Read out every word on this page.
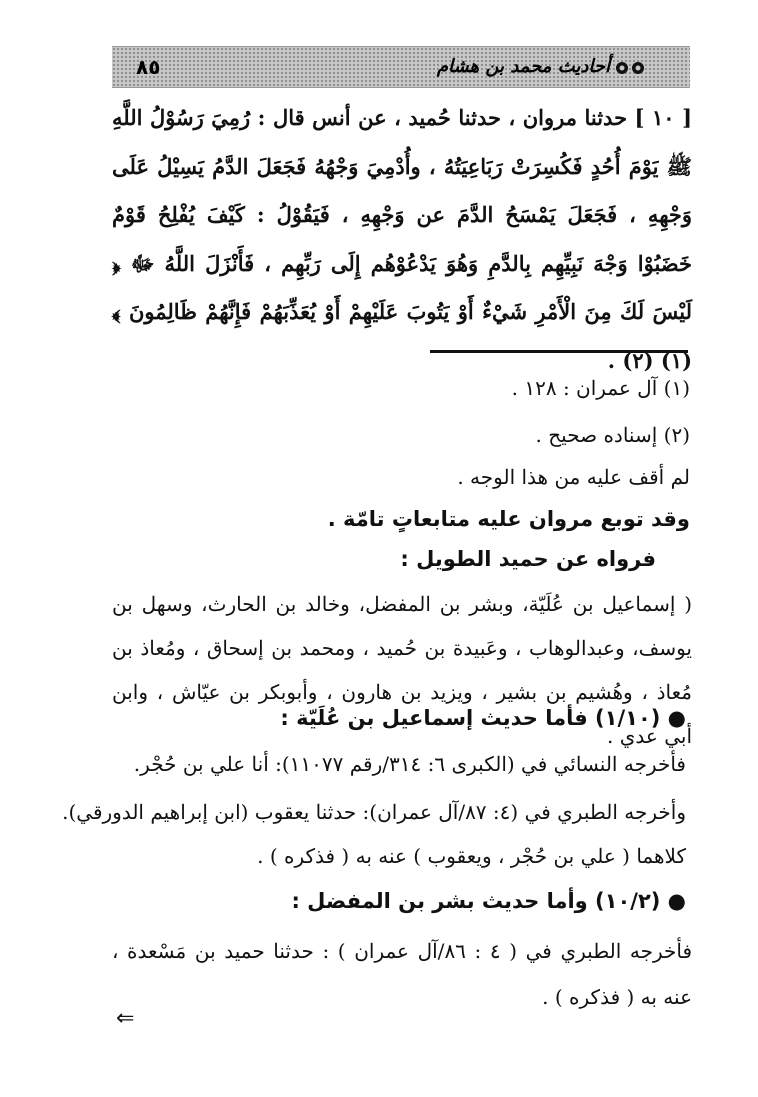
٨٥	أحاديث محمد بن هشام
[ ١٠ ] حدثنا مروان ، حدثنا حُميد ، عن أنس قال : رُمِيَ رَسُوْلُ اللَّهِ ﷺ يَوْمَ أُحُدٍ فَكُسِرَتْ رَبَاعِيَتُهُ ، وأُدْمِيَ وَجْهُهُ فَجَعَلَ الدَّمُ يَسِيْلُ عَلَى وَجْهِهِ ، فَجَعَلَ يَمْسَحُ الدَّمَ عن وَجْهِهِ ، فَيَقُوْلُ : كَيْفَ يُفْلِحُ قَوْمٌ خَضَبُوْا وَجْهَ نَبِيِّهِم بِالدَّمِ وَهُوَ يَدْعُوْهُم إِلَى رَبِّهِم ، فَأَنْزَلَ اللَّهُ ﷻ ﴿ لَيْسَ لَكَ مِنَ الْأَمْرِ شَيْءٌ أَوْ يَتُوبَ عَلَيْهِمْ أَوْ يُعَذِّبَهُمْ فَإِنَّهُمْ ظَالِمُونَ ﴾ (١) (٢) .
(١) آل عمران : ١٢٨ .
(٢) إسناده صحيح .
لم أقف عليه من هذا الوجه .
وقد توبع مروان عليه متابعاتٍ تامّة .
فرواه عن حميد الطويل :
( إسماعيل بن عُلَيّة، وبشر بن المفضل، وخالد بن الحارث، وسهل بن يوسف، وعبدالوهاب ، وعَبيدة بن حُميد ، ومحمد بن إسحاق ، ومُعاذ بن مُعاذ ، وهُشيم بن بشير ، ويزيد بن هارون ، وأبوبكر بن عيّاش ، وابن أبي عدي .
● (١/١٠) فأما حديث إسماعيل بن عُلَيّة :
فأخرجه النسائي في (الكبرى ٦: ٣١٤/رقم ١١٠٧٧): أنا علي بن حُجْر.
وأخرجه الطبري في (٤: ٨٧/آل عمران): حدثنا يعقوب (ابن إبراهيم الدورقي).
كلاهما ( علي بن حُجْر ، ويعقوب ) عنه به ( فذكره ) .
● (١٠/٢) وأما حديث بشر بن المفضل :
فأخرجه الطبري في ( ٤ : ٨٦/آل عمران ) : حدثنا حميد بن مَسْعدة ، عنه به ( فذكره ) .
⇐
